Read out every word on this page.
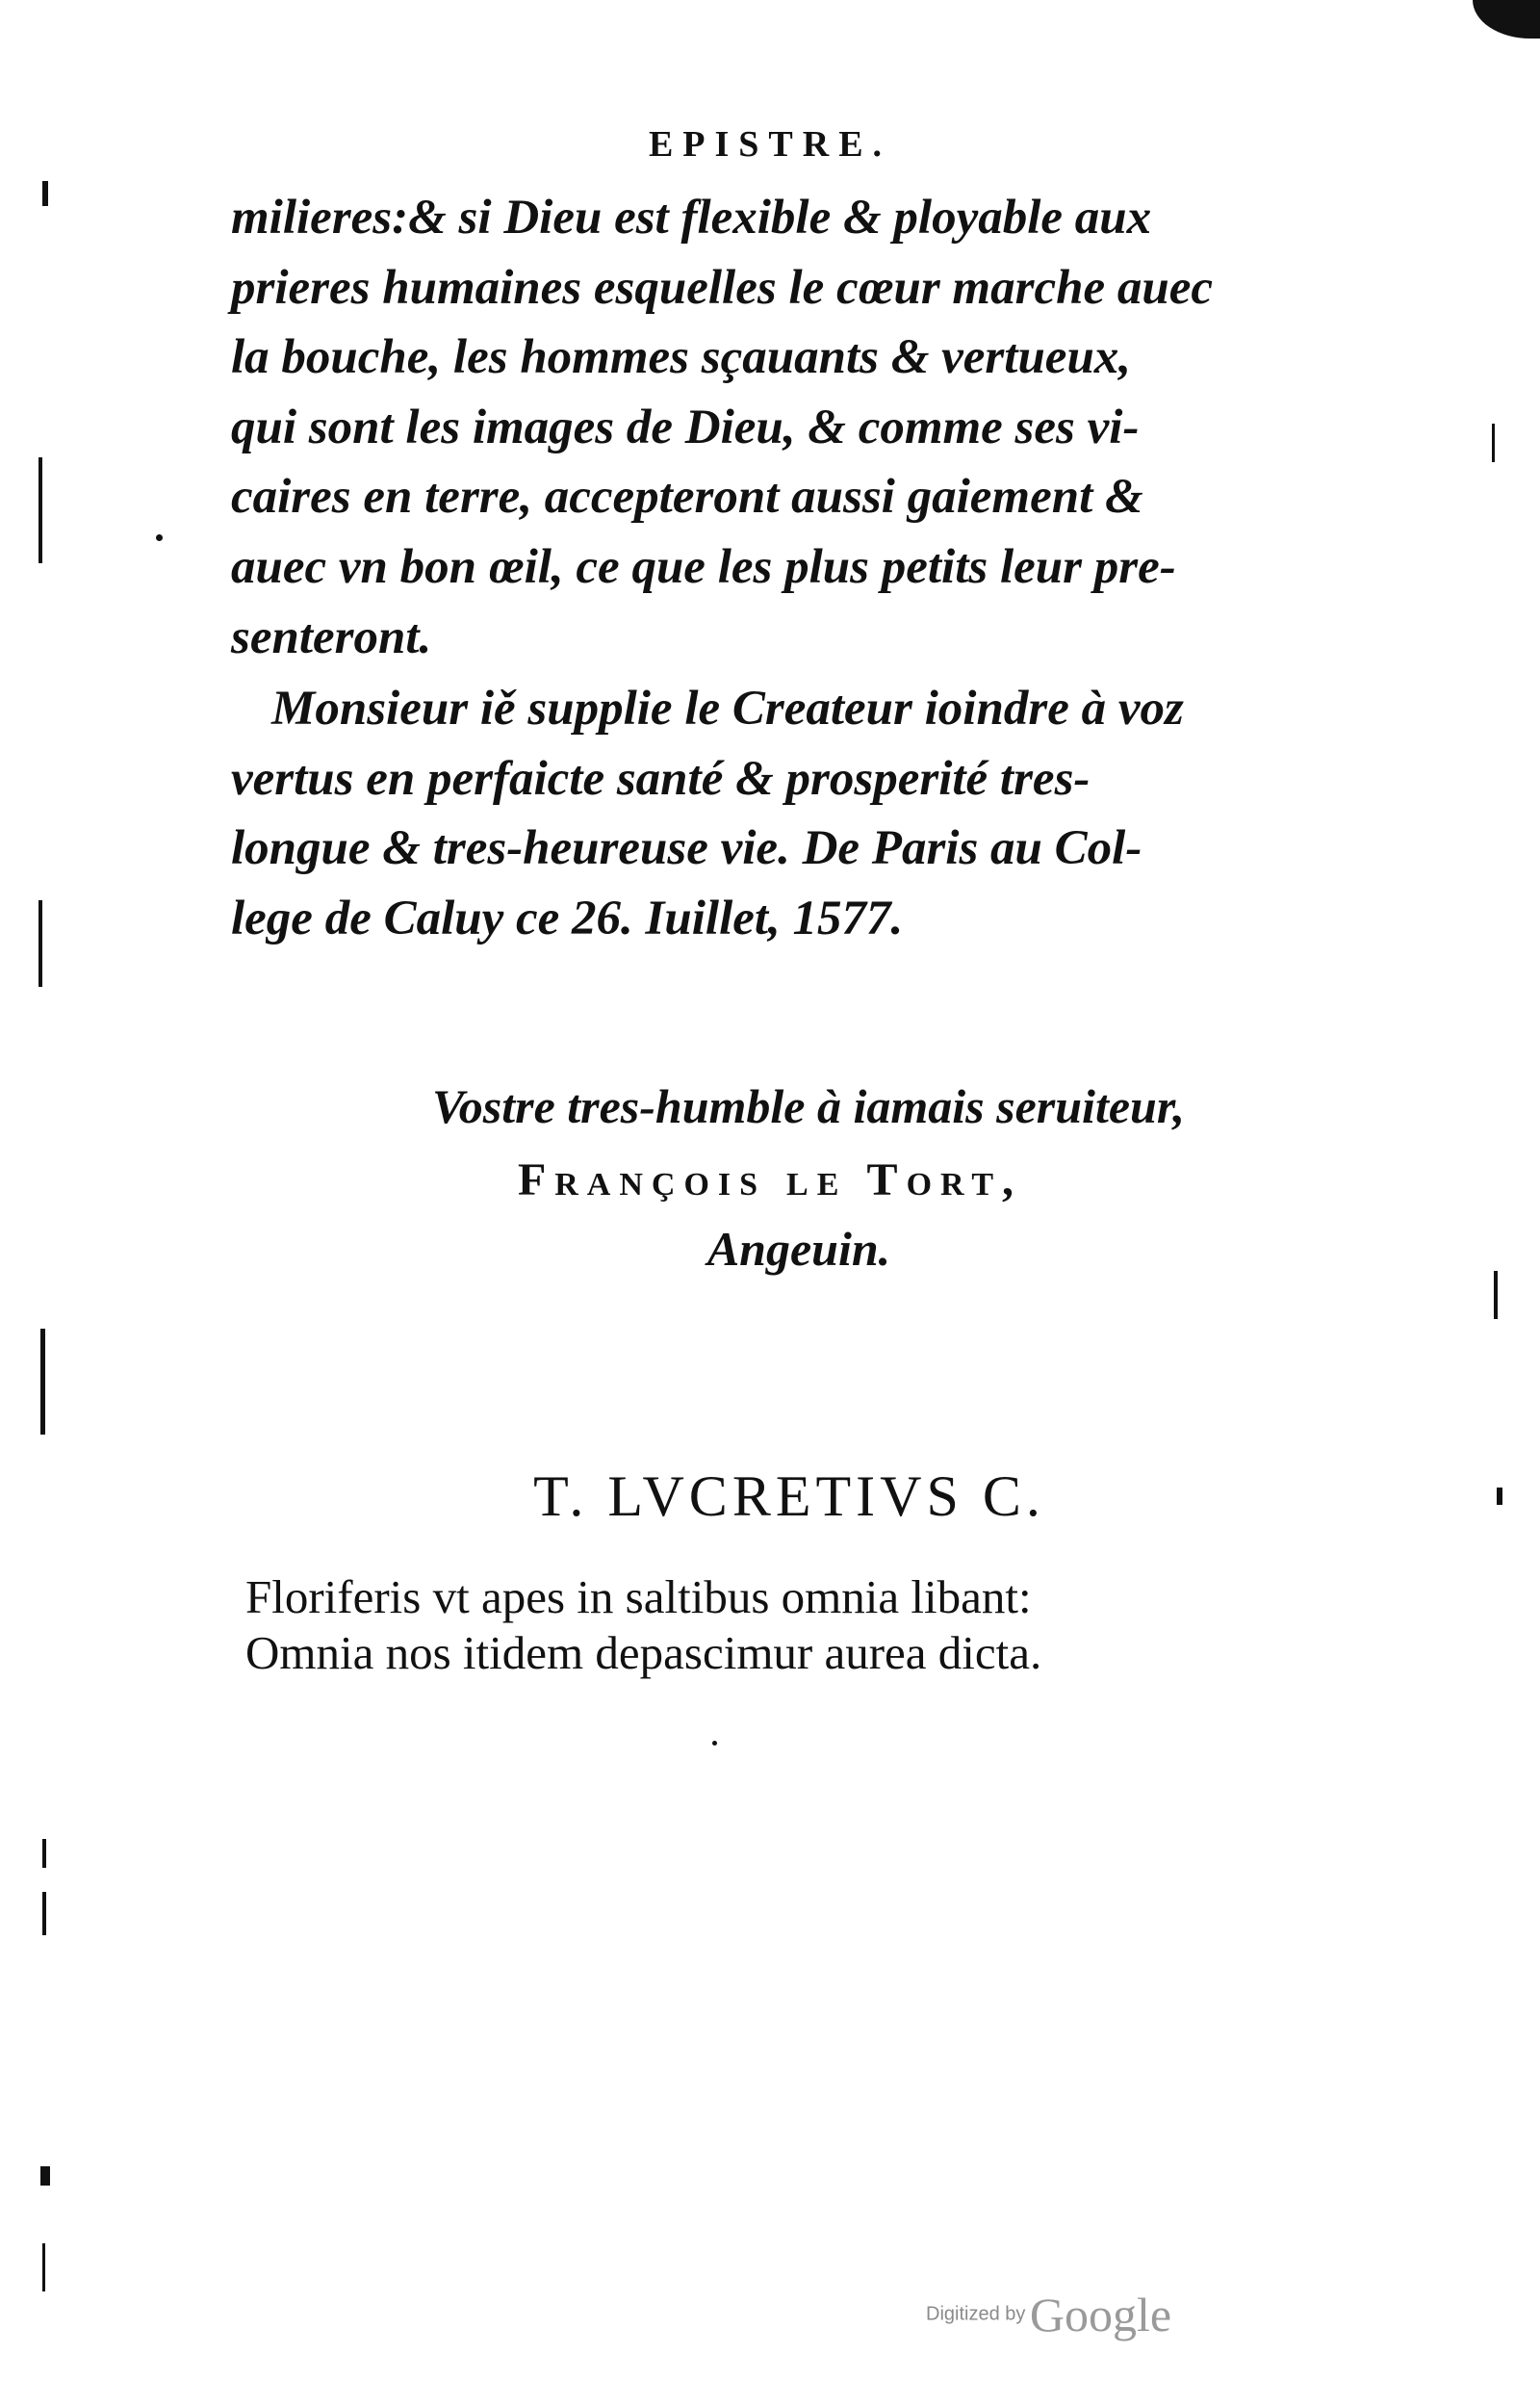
EPISTRE.
milieres:& si Dieu est flexible & ployable aux
prieres humaines esquelles le cœur marche auec
la bouche, les hommes sçauants & vertueux,
qui sont les images de Dieu, & comme ses vi-
caires en terre, accepteront aussi gaiement &
auec vn bon œil, ce que les plus petits leur pre-
senteront.
Monsieur iě supplie le Createur ioindre à voz
vertus en perfaicte santé & prosperité tres-
longue & tres-heureuse vie. De Paris au Col-
lege de Caluy ce 26. Iuillet, 1577.
Vostre tres-humble à iamais seruiteur,
François le Tort,
Angeuin.
T. LVCRETIVS C.
Floriferis vt apes in saltibus omnia libant:
Omnia nos itidem depascimur aurea dicta.
Digitized by Google
